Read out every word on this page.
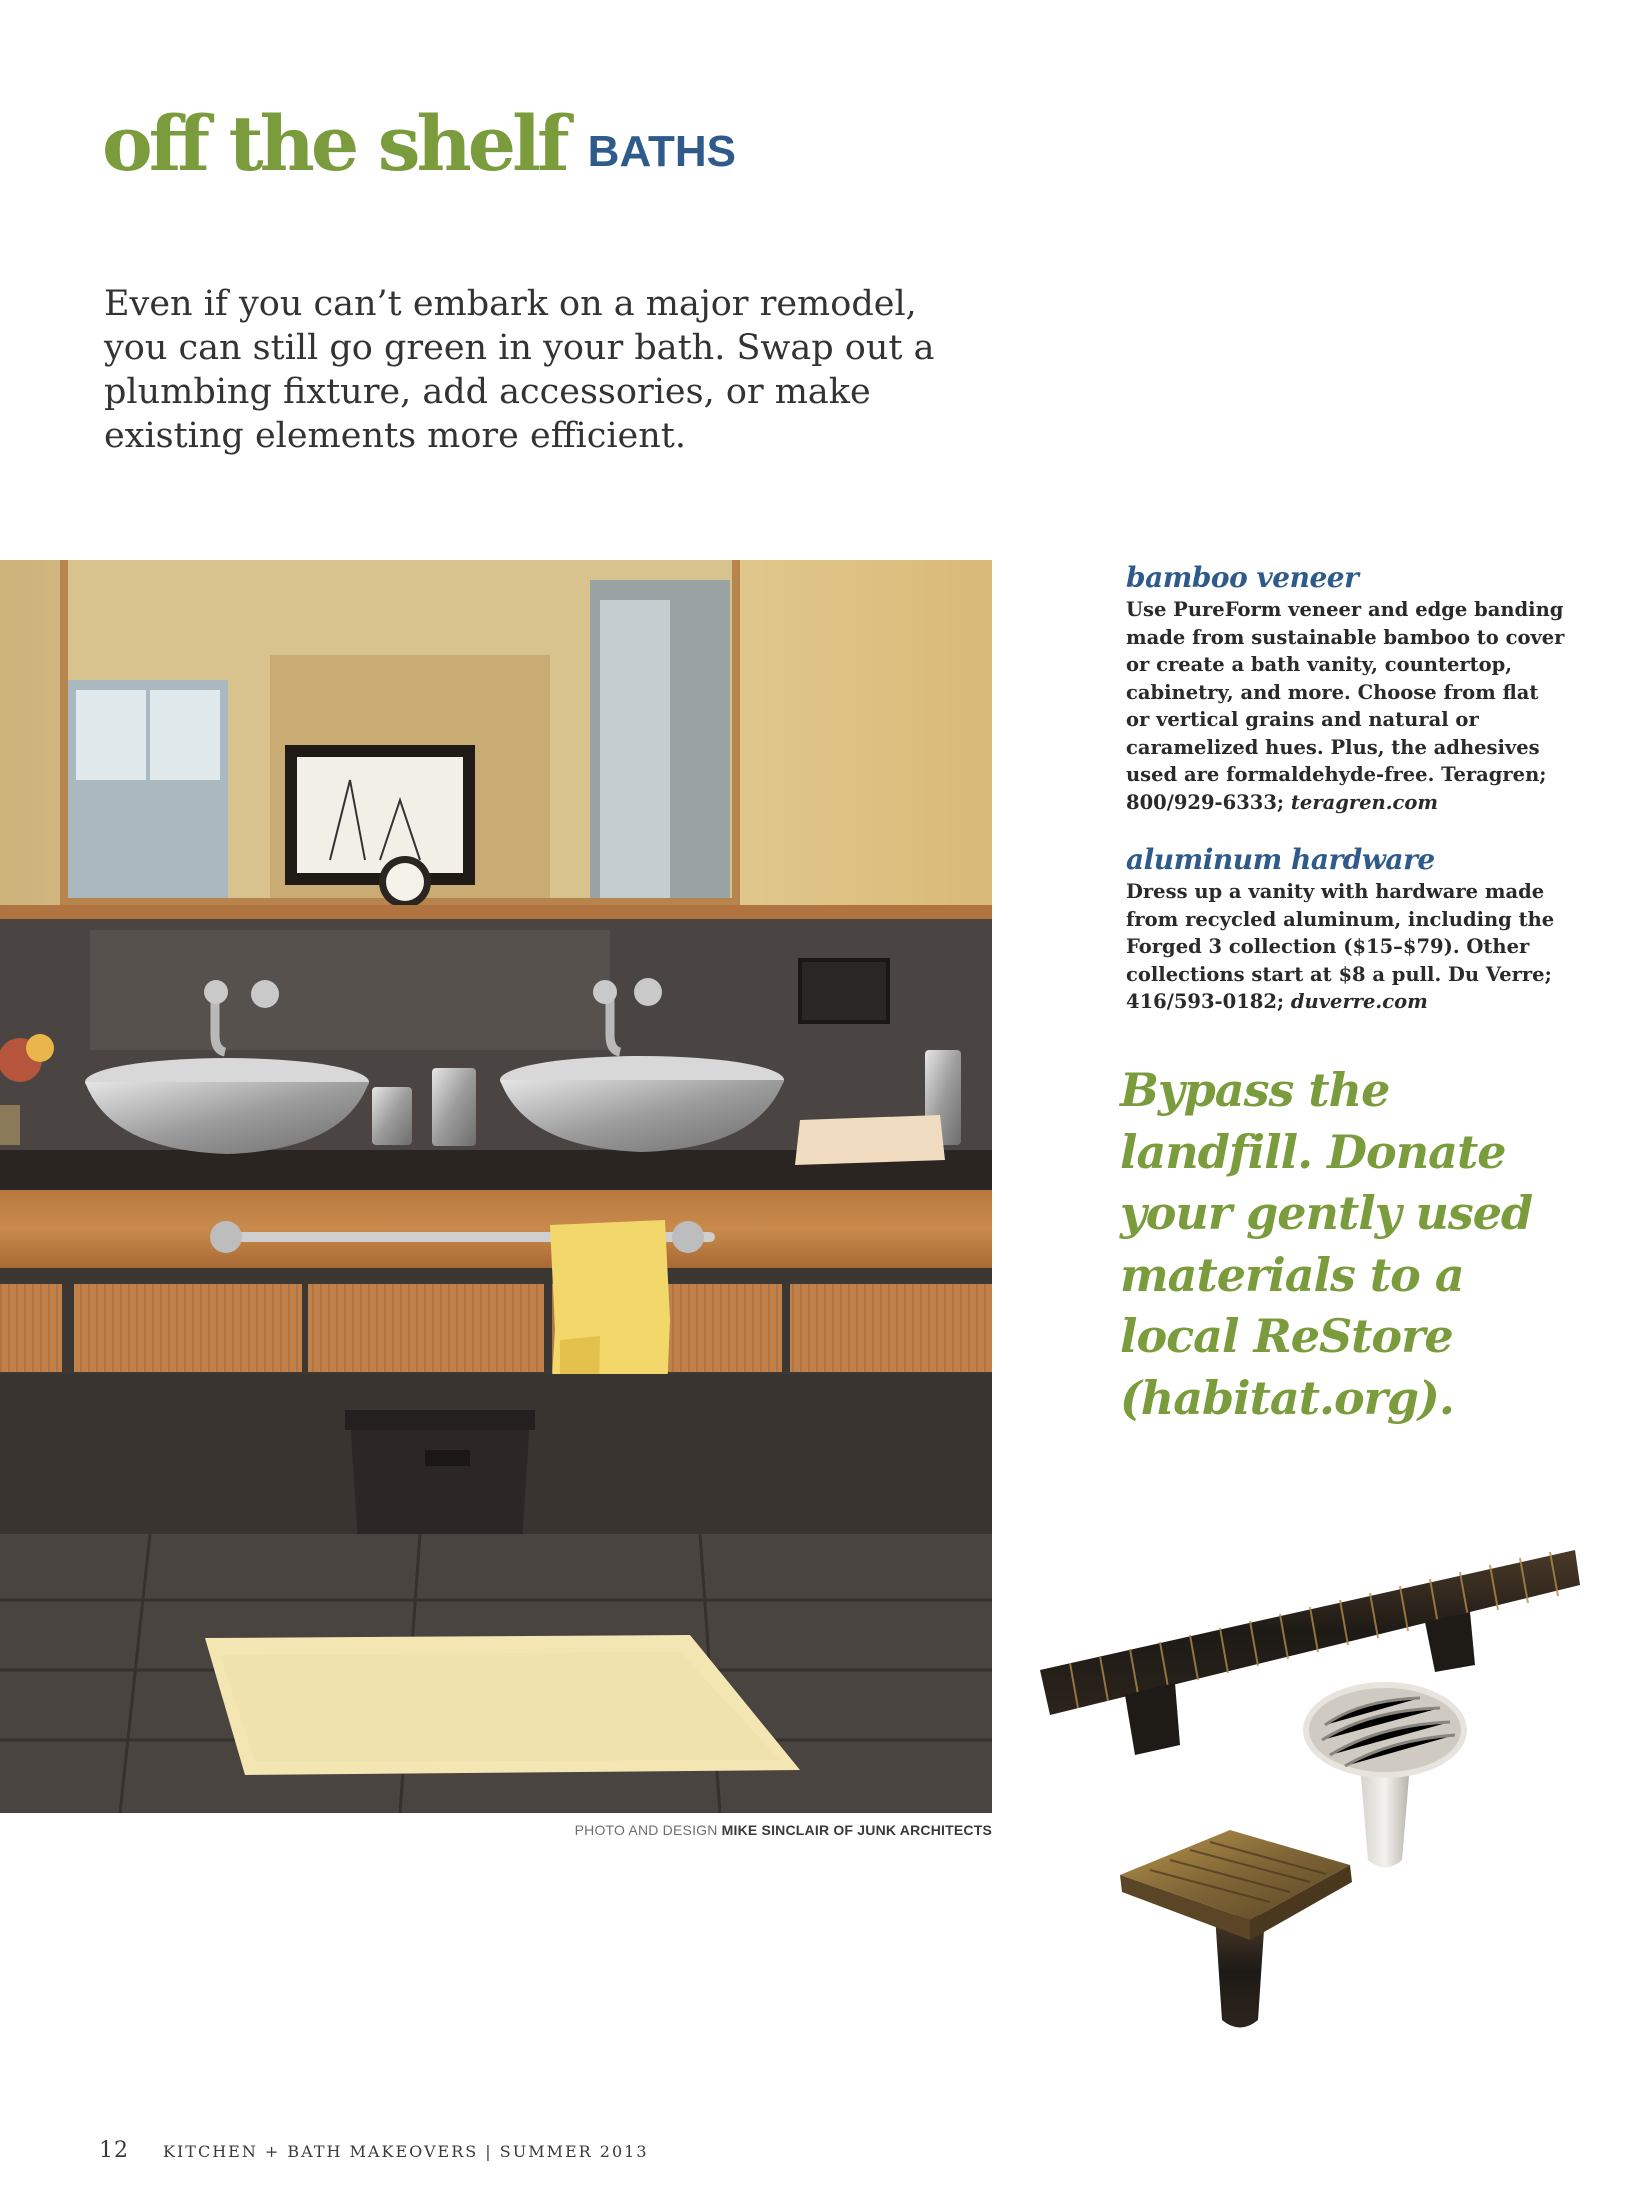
off the shelf BATHS
Even if you can’t embark on a major remodel, you can still go green in your bath. Swap out a plumbing fixture, add accessories, or make existing elements more efficient.
PHOTO AND DESIGN MIKE SINCLAIR OF JUNK ARCHITECTS
bamboo veneer
Use PureForm veneer and edge banding made from sustainable bamboo to cover or create a bath vanity, countertop, cabinetry, and more. Choose from flat or vertical grains and natural or caramelized hues. Plus, the adhesives used are formaldehyde-free. Teragren; 800/929-6333; teragren.com
aluminum hardware
Dress up a vanity with hardware made from recycled aluminum, including the Forged 3 collection ($15–$79). Other collections start at $8 a pull. Du Verre; 416/593-0182; duverre.com
Bypass the landfill. Donate your gently used materials to a local ReStore (habitat.org).
12 KITCHEN + BATH MAKEOVERS | SUMMER 2013
